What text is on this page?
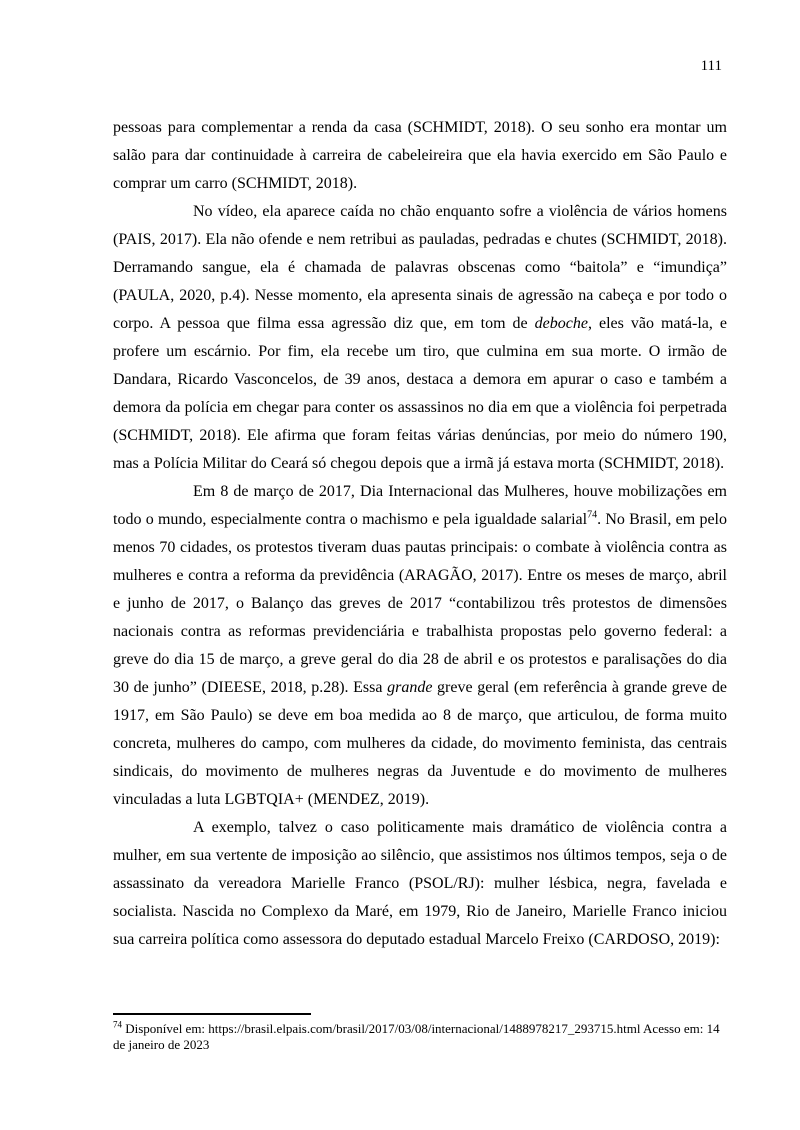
111

pessoas para complementar a renda da casa (SCHMIDT, 2018). O seu sonho era montar um salão para dar continuidade à carreira de cabeleireira que ela havia exercido em São Paulo e comprar um carro (SCHMIDT, 2018).

No vídeo, ela aparece caída no chão enquanto sofre a violência de vários homens (PAIS, 2017). Ela não ofende e nem retribui as pauladas, pedradas e chutes (SCHMIDT, 2018). Derramando sangue, ela é chamada de palavras obscenas como “baitola” e “imundiça” (PAULA, 2020, p.4). Nesse momento, ela apresenta sinais de agressão na cabeça e por todo o corpo. A pessoa que filma essa agressão diz que, em tom de deboche, eles vão matá-la, e profere um escárnio. Por fim, ela recebe um tiro, que culmina em sua morte. O irmão de Dandara, Ricardo Vasconcelos, de 39 anos, destaca a demora em apurar o caso e também a demora da polícia em chegar para conter os assassinos no dia em que a violência foi perpetrada (SCHMIDT, 2018). Ele afirma que foram feitas várias denúncias, por meio do número 190, mas a Polícia Militar do Ceará só chegou depois que a irmã já estava morta (SCHMIDT, 2018).

Em 8 de março de 2017, Dia Internacional das Mulheres, houve mobilizações em todo o mundo, especialmente contra o machismo e pela igualdade salarial$^{74}$. No Brasil, em pelo menos 70 cidades, os protestos tiveram duas pautas principais: o combate à violência contra as mulheres e contra a reforma da previdência (ARAGÃO, 2017). Entre os meses de março, abril e junho de 2017, o Balanço das greves de 2017 “contabilizou três protestos de dimensões nacionais contra as reformas previdenciária e trabalhista propostas pelo governo federal: a greve do dia 15 de março, a greve geral do dia 28 de abril e os protestos e paralisações do dia 30 de junho” (DIEESE, 2018, p.28). Essa grande greve geral (em referência à grande greve de 1917, em São Paulo) se deve em boa medida ao 8 de março, que articulou, de forma muito concreta, mulheres do campo, com mulheres da cidade, do movimento feminista, das centrais sindicais, do movimento de mulheres negras da Juventude e do movimento de mulheres vinculadas a luta LGBTQIA+ (MENDEZ, 2019).

A exemplo, talvez o caso politicamente mais dramático de violência contra a mulher, em sua vertente de imposição ao silêncio, que assistimos nos últimos tempos, seja o de assassinato da vereadora Marielle Franco (PSOL/RJ): mulher lésbica, negra, favelada e socialista. Nascida no Complexo da Maré, em 1979, Rio de Janeiro, Marielle Franco iniciou sua carreira política como assessora do deputado estadual Marcelo Freixo (CARDOSO, 2019):

$^{74}$ Disponível em: https://brasil.elpais.com/brasil/2017/03/08/internacional/1488978217_293715.html Acesso em: 14 de janeiro de 2023
